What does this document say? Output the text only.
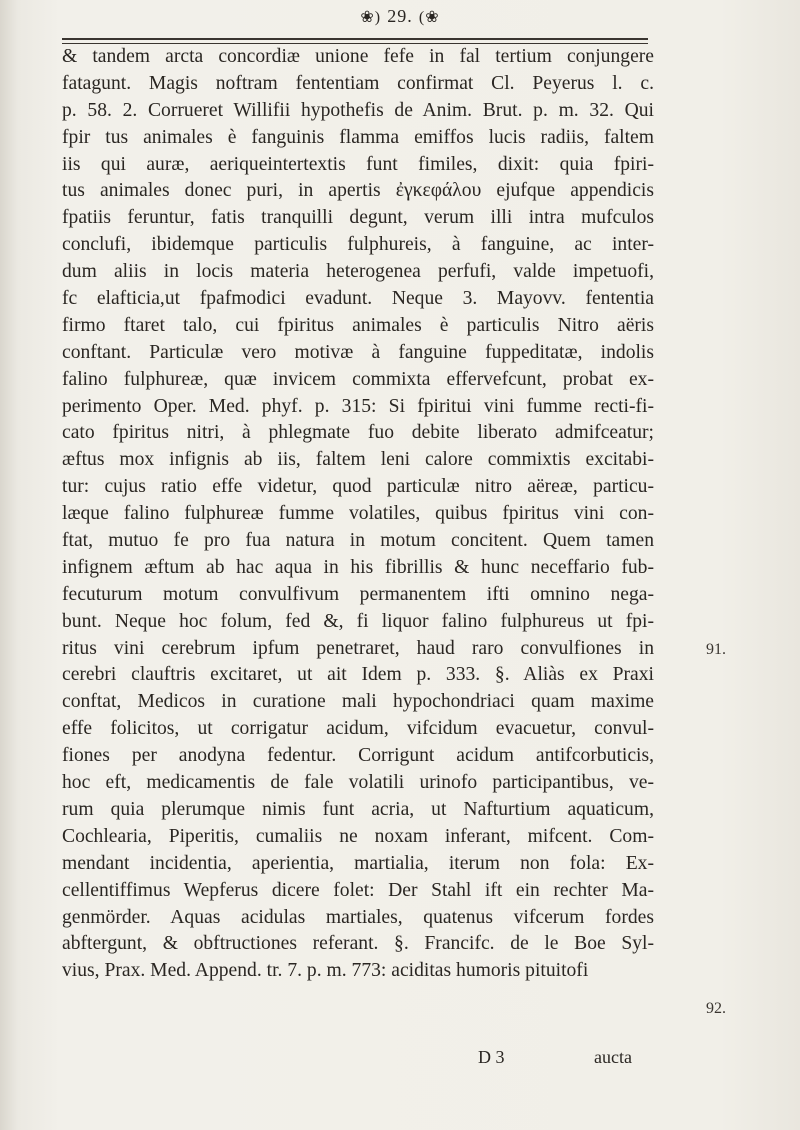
❀) 29. (❀
& tandem arcta concordiæ unione fefe in fal tertium conjungere
fatagunt. Magis noftram fententiam confirmat Cl. Peyerus l. c.
p. 58. 2. Corrueret Willifii hypothefis de Anim. Brut. p. m. 32. Qui
fpir tus animales è fanguinis flamma emiffos lucis radiis, faltem
iis qui auræ, aeriqueintertextis funt fimiles, dixit: quia fpiri-
tus animales donec puri, in apertis ἐγκεφάλου ejufque appendicis
fpatiis feruntur, fatis tranquilli degunt, verum illi intra mufculos
conclufi, ibidemque particulis fulphureis, à fanguine, ac inter-
dum aliis in locis materia heterogenea perfufi, valde impetuofi,
fc elafticia,ut fpafmodici evadunt. Neque 3. Mayovv. fententia
firmo ftaret talo, cui fpiritus animales è particulis Nitro aëris
conftant. Particulæ vero motivæ à fanguine fuppeditatæ, indolis
falino fulphureæ, quæ invicem commixta effervefcunt, probat ex-
perimento Oper. Med. phyf. p. 315: Si fpiritui vini fumme recti-fi-
cato fpiritus nitri, à phlegmate fuo debite liberato admifceatur;
æftus mox infignis ab iis, faltem leni calore commixtis excitabi-
tur: cujus ratio effe videtur, quod particulæ nitro aëreæ, particu-
læque falino fulphureæ fumme volatiles, quibus fpiritus vini con-
ftat, mutuo fe pro fua natura in motum concitent. Quem tamen
infignem æftum ab hac aqua in his fibrillis & hunc neceffario fub-
fecuturum motum convulfivum permanentem ifti omnino nega-
bunt. Neque hoc folum, fed &, fi liquor falino fulphureus ut fpi-
ritus vini cerebrum ipfum penetraret, haud raro convulfiones in
cerebri clauftris excitaret, ut ait Idem p. 333. §. Aliàs ex Praxi
conftat, Medicos in curatione mali hypochondriaci quam maxime
effe folicitos, ut corrigatur acidum, vifcidum evacuetur, convul-
fiones per anodyna fedentur. Corrigunt acidum antifcorbuticis,
hoc eft, medicamentis de fale volatili urinofo participantibus, ve-
rum quia plerumque nimis funt acria, ut Nafturtium aquaticum,
Cochlearia, Piperitis, cumaliis ne noxam inferant, mifcent. Com-
mendant incidentia, aperientia, martialia, iterum non fola: Ex-
cellentiffimus Wepferus dicere folet: Der Stahl ift ein rechter Ma-
genmörder. Aquas acidulas martiales, quatenus vifcerum fordes
abftergunt, & obftructiones referant. §. Francifc. de le Boe Syl-
vius, Prax. Med. Append. tr. 7. p. m. 773: aciditas humoris pituitofi
91.
92.
D 3	aucta
